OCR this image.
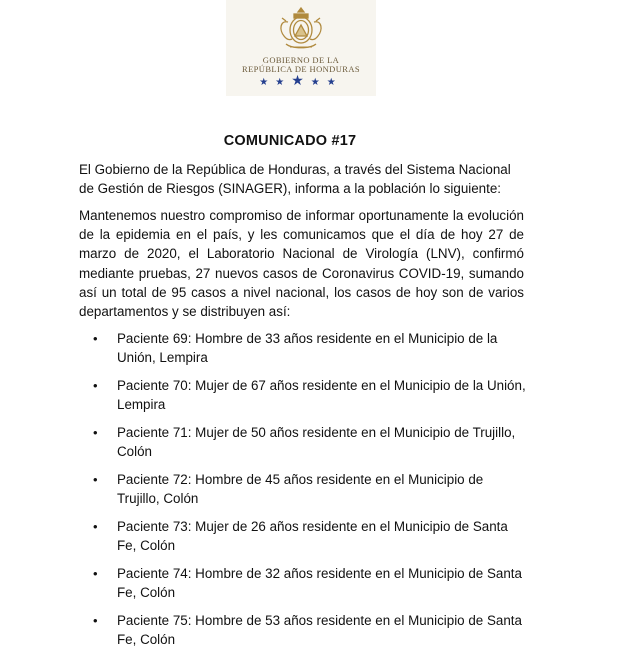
GOBIERNO DE LA
REPÚBLICA DE HONDURAS
★★★★★
COMUNICADO #17
El Gobierno de la República de Honduras, a través del Sistema Nacional de Gestión de Riesgos (SINAGER), informa a la población lo siguiente:
Mantenemos nuestro compromiso de informar oportunamente la evolución de la epidemia en el país, y les comunicamos que el día de hoy 27 de marzo de 2020, el Laboratorio Nacional de Virología (LNV), confirmó mediante pruebas, 27 nuevos casos de Coronavirus COVID-19, sumando así un total de 95 casos a nivel nacional, los casos de hoy son de varios departamentos y se distribuyen así:
• Paciente 69: Hombre de 33 años residente en el Municipio de la Unión, Lempira
• Paciente 70: Mujer de 67 años residente en el Municipio de la Unión, Lempira
• Paciente 71: Mujer de 50 años residente en el Municipio de Trujillo, Colón
• Paciente 72: Hombre de 45 años residente en el Municipio de Trujillo, Colón
• Paciente 73: Mujer de 26 años residente en el Municipio de Santa Fe, Colón
• Paciente 74: Hombre de 32 años residente en el Municipio de Santa Fe, Colón
• Paciente 75: Hombre de 53 años residente en el Municipio de Santa Fe, Colón
